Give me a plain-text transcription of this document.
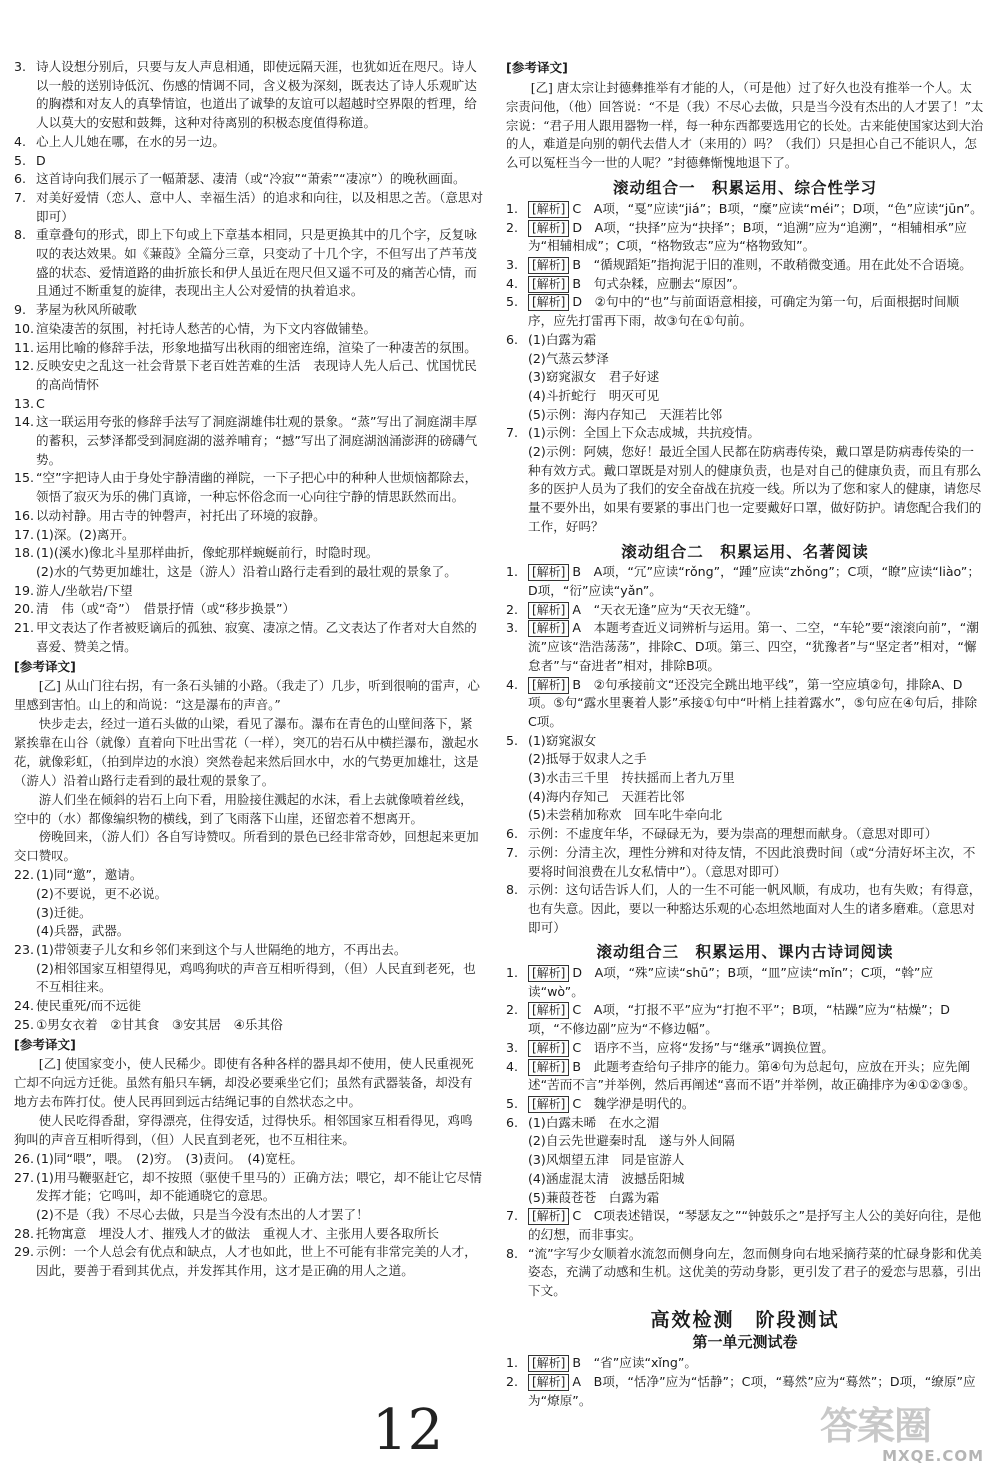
3. 诗人设想分别后，只要与友人声息相通，即使远隔天涯，也犹如近在咫尺。诗人以一般的送别诗低沉、伤感的情调不同，含义极为深刻，既表达了诗人乐观旷达的胸襟和对友人的真挚情谊，也道出了诚挚的友谊可以超越时空界限的哲理，给人以莫大的安慰和鼓舞，这种对待离别的积极态度值得称道。
4. 心上人儿她在哪，在水的另一边。
5. D
6. 这首诗向我们展示了一幅萧瑟、凄清（或“冷寂”“萧索”“凄凉”）的晚秋画面。
7. 对美好爱情（恋人、意中人、幸福生活）的追求和向往，以及相思之苦。（意思对即可）
8. 重章叠句的形式，即上下句或上下章基本相同，只是更换其中的几个字，反复咏叹的表达效果。如《蒹葭》全篇分三章，只变动了十几个字，不但写出了芦苇茂盛的状态、爱情道路的曲折旅长和伊人虽近在咫尺但又遥不可及的痛苦心情，而且通过不断重复的旋律，表现出主人公对爱情的执着追求。
9. 茅屋为秋风所破歌
10. 渲染凄苦的氛围，衬托诗人愁苦的心情，为下文内容做铺垫。
11. 运用比喻的修辞手法，形象地描写出秋雨的细密连绵，渲染了一种凄苦的氛围。
12. 反映安史之乱这一社会背景下老百姓苦难的生活　表现诗人先人后己、忧国忧民的高尚情怀
13. C
14. 这一联运用夸张的修辞手法写了洞庭湖雄伟壮观的景象。“蒸”写出了洞庭湖丰厚的蓄积，云梦泽都受到洞庭湖的滋养哺育；“撼”写出了洞庭湖汹涌澎湃的磅礴气势。
15. “空”字把诗人由于身处宇静清幽的禅院，一下子把心中的种种人世烦恼都除去，领悟了寂灭为乐的佛门真谛，一种忘怀俗念而一心向往宁静的情思跃然而出。
16. 以动衬静。用古寺的钟磬声，衬托出了环境的寂静。
17. (1)深。(2)离开。
18. (1)(溪水)像北斗星那样曲折，像蛇那样蜿蜒前行，时隐时现。
(2)水的气势更加雄壮，这是（游人）沿着山路行走看到的最壮观的景象了。
19. 游人/坐欹岩/下望
20. 清　伟（或“奇”）　借景抒情（或“移步换景”）
21. 甲文表达了作者被贬谪后的孤独、寂寞、凄凉之情。乙文表达了作者对大自然的喜爱、赞美之情。
[参考译文]
[乙] 从山门往右拐，有一条石头铺的小路。（我走了）几步，听到很响的雷声，心里感到害怕。山上的和尚说：“这是瀑布的声音。”
快步走去，经过一道石头做的山梁，看见了瀑布。瀑布在青色的山壁间落下，紧紧挨靠在山谷（就像）直着向下吐出雪花（一样），突兀的岩石从中横拦瀑布，激起水花，就像彩虹，（拍到岸边的水浪）突然卷起来然后回水中，水的气势更加雄壮，这是（游人）沿着山路行走看到的最壮观的景象了。
游人们坐在倾斜的岩石上向下看，用脸接住溅起的水沫，看上去就像喷着丝线，空中的（水）都像编织物的横线，到了飞雨落下山崖，还留恋着不想离开。
傍晚回来，（游人们）各自写诗赞叹。所看到的景色已经非常奇妙，回想起来更加交口赞叹。
22. (1)同“邀”，邀请。
(2)不要说，更不必说。
(3)迁徙。
(4)兵器，武器。
23. (1)带领妻子儿女和乡邻们来到这个与人世隔绝的地方，不再出去。
(2)相邻国家互相望得见，鸡鸣狗吠的声音互相听得到，（但）人民直到老死，也不互相往来。
24. 使民重死/而不远徙
25. ①男女衣着　②甘其食　③安其居　④乐其俗
[参考译文]
[乙] 使国家变小，使人民稀少。即使有各种各样的器具却不使用，使人民重视死亡却不向远方迁徙。虽然有船只车辆，却没必要乘坐它们；虽然有武器装备，却没有地方去布阵打仗。使人民再回到远古结绳记事的自然状态之中。
使人民吃得香甜，穿得漂亮，住得安适，过得快乐。相邻国家互相看得见，鸡鸣狗叫的声音互相听得到，（但）人民直到老死，也不互相往来。
26. (1)同“喂”，喂。　(2)穷。　(3)责问。　(4)宽枉。
27. (1)用马鞭驱赶它，却不按照（驱使千里马的）正确方法；喂它，却不能让它尽情发挥才能；它鸣叫，却不能通晓它的意思。
(2)不是（我）不尽心去做，只是当今没有杰出的人才罢了！
28. 托物寓意　埋没人才、摧残人才的做法　重视人才、主张用人要各取所长
29. 示例：一个人总会有优点和缺点，人才也如此，世上不可能有非常完美的人才，因此，要善于看到其优点，并发挥其作用，这才是正确的用人之道。
[参考译文]
[乙] 唐太宗让封德彝推举有才能的人，（可是他）过了好久也没有推举一个人。太宗责问他，（他）回答说：“不是（我）不尽心去做，只是当今没有杰出的人才罢了！”太宗说：“君子用人跟用器物一样，每一种东西都要选用它的长处。古来能使国家达到大治的人，难道是向别的朝代去借人才（来用的）吗？（我们）只是担心自己不能识人，怎么可以冤枉当今一世的人呢？”封德彝惭愧地退下了。
滚动组合一　积累运用、综合性学习
1. [解析] C　A项，“戛”应读“jiá”；B项，“糜”应读“méi”；D项，“色”应读“jūn”。
2. [解析] D　A项，“抉择”应为“抉择”；B项，“追溯”应为“追溯”，“相辅相承”应为“相辅相成”；C项，“格物致志”应为“格物致知”。
3. [解析] B　“循规蹈矩”指拘泥于旧的准则，不敢稍微变通。用在此处不合语境。
4. [解析] B　句式杂糅，应删去“原因”。
5. [解析] D　②句中的“也”与前面语意相接，可确定为第一句，后面根据时间顺序，应先打雷再下雨，故③句在①句前。
6. (1)白露为霜
(2)气蒸云梦泽
(3)窈窕淑女　君子好逑
(4)斗折蛇行　明灭可见
(5)示例：海内存知己　天涯若比邻
7. (1)示例：全国上下众志成城，共抗疫情。
(2)示例：阿姨，您好！最近全国人民都在防病毒传染，戴口罩是防病毒传染的一种有效方式。戴口罩既是对别人的健康负责，也是对自己的健康负责，而且有那么多的医护人员为了我们的安全奋战在抗疫一线。所以为了您和家人的健康，请您尽量不要外出，如果有要紧的事出门也一定要戴好口罩，做好防护。请您配合我们的工作，好吗？
滚动组合二　积累运用、名著阅读
1. [解析] B　A项，“冗”应读“rǒng”，“踵”应读“zhǒng”；C项，“瞭”应读“liào”；D项，“衍”应读“yǎn”。
2. [解析] A　“天衣无逢”应为“天衣无缝”。
3. [解析] A　本题考查近义词辨析与运用。第一、二空，“车轮”要“滚滚向前”，“潮流”应该“浩浩荡荡”，排除C、D项。第三、四空，“犹豫者”与“坚定者”相对，“懈怠者”与“奋进者”相对，排除B项。
4. [解析] B　②句承接前文“还没完全跳出地平线”，第一空应填②句，排除A、D项。⑤句“露水里裹着人影”承接①句中“叶梢上挂着露水”，⑤句应在④句后，排除C项。
5. (1)窈窕淑女
(2)抵辱于奴隶人之手
(3)水击三千里　抟扶摇而上者九万里
(4)海内存知己　天涯若比邻
(5)未尝稍加称欢　回车叱牛牵向北
6. 示例：不虚度年华，不碌碌无为，要为崇高的理想而献身。（意思对即可）
7. 示例：分清主次，理性分辨和对待友情，不因此浪费时间（或“分清好坏主次，不要将时间浪费在儿女私情中”）。（意思对即可）
8. 示例：这句话告诉人们，人的一生不可能一帆风顺，有成功，也有失败；有得意，也有失意。因此，要以一种豁达乐观的心态坦然地面对人生的诸多磨难。（意思对即可）
滚动组合三　积累运用、课内古诗词阅读
1. [解析] D　A项，“殊”应读“shū”；B项，“皿”应读“mǐn”；C项，“斡”应读“wò”。
2. [解析] C　A项，“打报不平”应为“打抱不平”；B项，“枯躁”应为“枯燥”；D项，“不修边副”应为“不修边幅”。
3. [解析] C　语序不当，应将“发扬”与“继承”调换位置。
4. [解析] B　此题考查给句子排序的能力。第④句为总起句，应放在开头；应先阐述“苦而不言”并举例，然后再阐述“喜而不语”并举例，故正确排序为④①②③⑤。
5. [解析] C　魏学洢是明代的。
6. (1)白露未晞　在水之湄
(2)自云先世避秦时乱　遂与外人间隔
(3)风烟望五津　同是宦游人
(4)涵虚混太清　波撼岳阳城
(5)蒹葭苍苍　白露为霜
7. [解析] C　C项表述错误，“琴瑟友之”“钟鼓乐之”是抒写主人公的美好向往，是他的幻想，而非事实。
8. “流”字写少女顺着水流忽而侧身向左，忽而侧身向右地采摘荇菜的忙碌身影和优美姿态，充满了动感和生机。这优美的劳动身影，更引发了君子的爱恋与思慕，引出下文。
高效检测　阶段测试
第一单元测试卷
1. [解析] B　“省”应读“xǐng”。
2. [解析] A　B项，“恬净”应为“恬静”；C项，“蓦然”应为“蓦然”；D项，“缭原”应为“燎原”。
12	答案圈
MXQE.COM
